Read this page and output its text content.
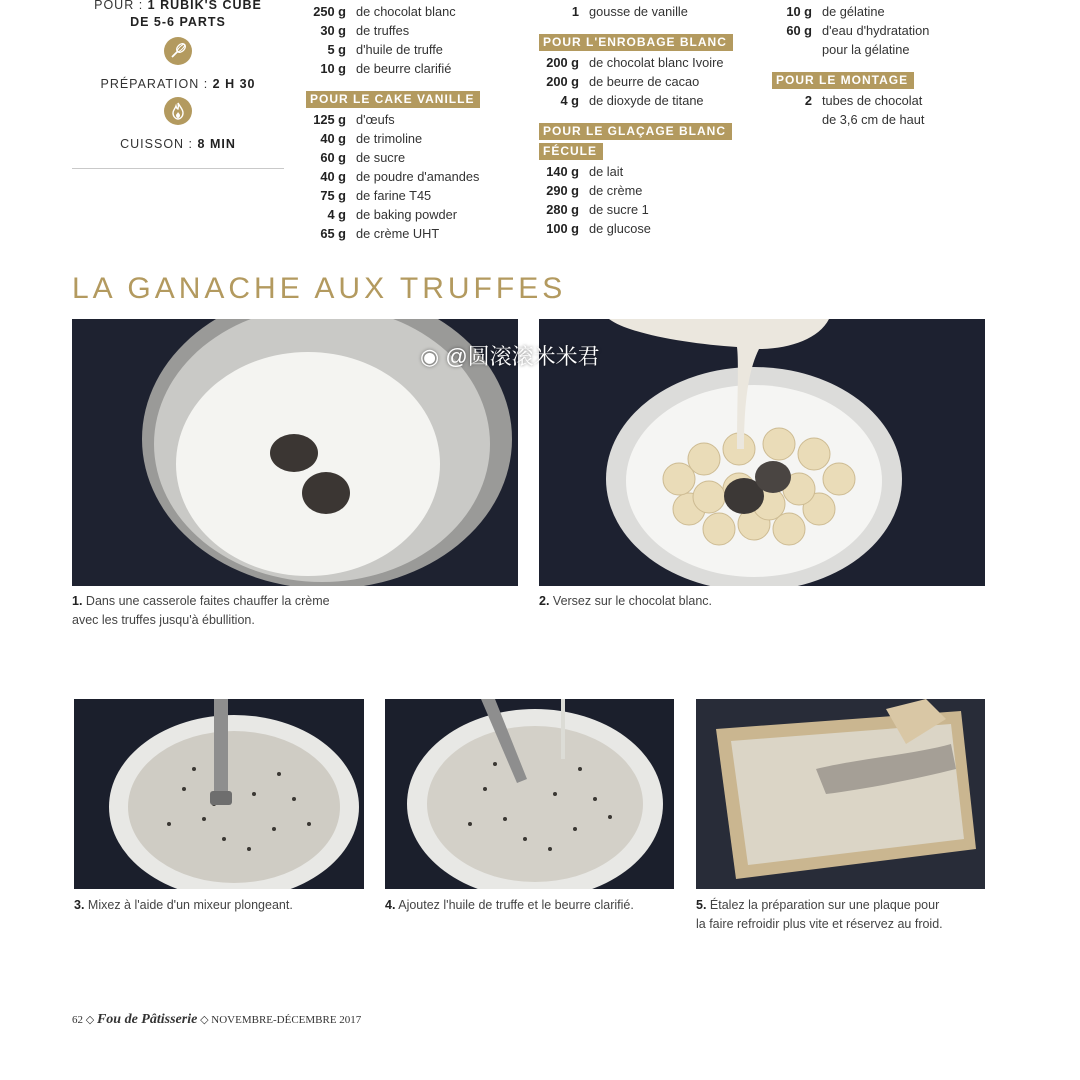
POUR : 1 RUBIK'S CUBE
DE 5-6 PARTS
PRÉPARATION : 2 H 30
CUISSON : 8 MIN
250 g de chocolat blanc
30 g de truffes
5 g d'huile de truffe
10 g de beurre clarifié
POUR LE CAKE VANILLE
125 g d'œufs
40 g de trimoline
60 g de sucre
40 g de poudre d'amandes
75 g de farine T45
4 g de baking powder
65 g de crème UHT
1 gousse de vanille
POUR L'ENROBAGE BLANC
200 g de chocolat blanc Ivoire
200 g de beurre de cacao
4 g de dioxyde de titane
POUR LE GLAÇAGE BLANC
FÉCULE
140 g de lait
290 g de crème
280 g de sucre 1
100 g de glucose
10 g de gélatine
60 g d'eau d'hydratation
pour la gélatine
POUR LE MONTAGE
2 tubes de chocolat
de 3,6 cm de haut
LA GANACHE AUX TRUFFES
1. Dans une casserole faites chauffer la crème
avec les truffes jusqu'à ébullition.
2. Versez sur le chocolat blanc.
3. Mixez à l'aide d'un mixeur plongeant.	4. Ajoutez l'huile de truffe et le beurre clarifié.	5. Étalez la préparation sur une plaque pour
la faire refroidir plus vite et réservez au froid.
◉ @圆滚滚米米君
62 ◇ Fou de Pâtisserie ◇ NOVEMBRE-DÉCEMBRE 2017
